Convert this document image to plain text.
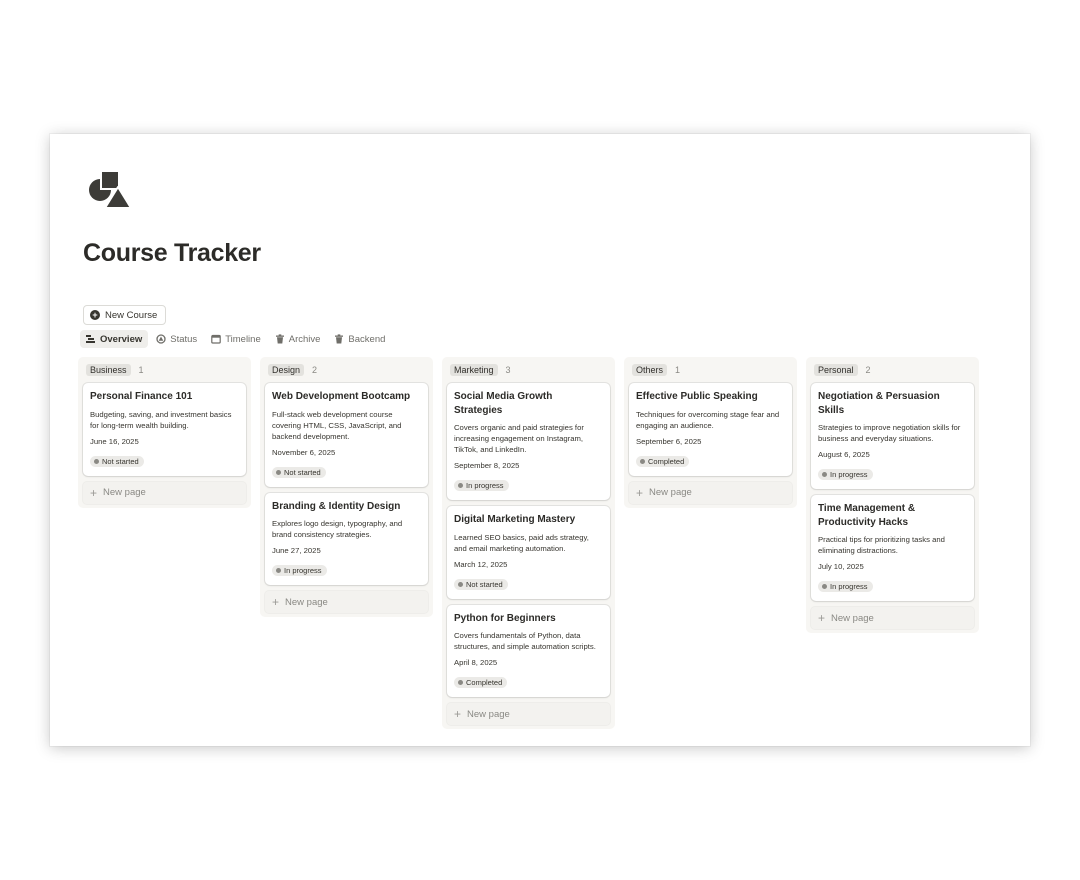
Course Tracker
+ New Course
Overview	Status	Timeline	Archive	Backend
Business	1
Personal Finance 101
Budgeting, saving, and investment basics for long-term wealth building.
June 16, 2025
Not started
+ New page
Design	2
Web Development Bootcamp
Full-stack web development course covering HTML, CSS, JavaScript, and backend development.
November 6, 2025
Not started
Branding & Identity Design
Explores logo design, typography, and brand consistency strategies.
June 27, 2025
In progress
+ New page
Marketing	3
Social Media Growth Strategies
Covers organic and paid strategies for increasing engagement on Instagram, TikTok, and LinkedIn.
September 8, 2025
In progress
Digital Marketing Mastery
Learned SEO basics, paid ads strategy, and email marketing automation.
March 12, 2025
Not started
Python for Beginners
Covers fundamentals of Python, data structures, and simple automation scripts.
April 8, 2025
Completed
+ New page
Others	1
Effective Public Speaking
Techniques for overcoming stage fear and engaging an audience.
September 6, 2025
Completed
+ New page
Personal	2
Negotiation & Persuasion Skills
Strategies to improve negotiation skills for business and everyday situations.
August 6, 2025
In progress
Time Management & Productivity Hacks
Practical tips for prioritizing tasks and eliminating distractions.
July 10, 2025
In progress
+ New page
